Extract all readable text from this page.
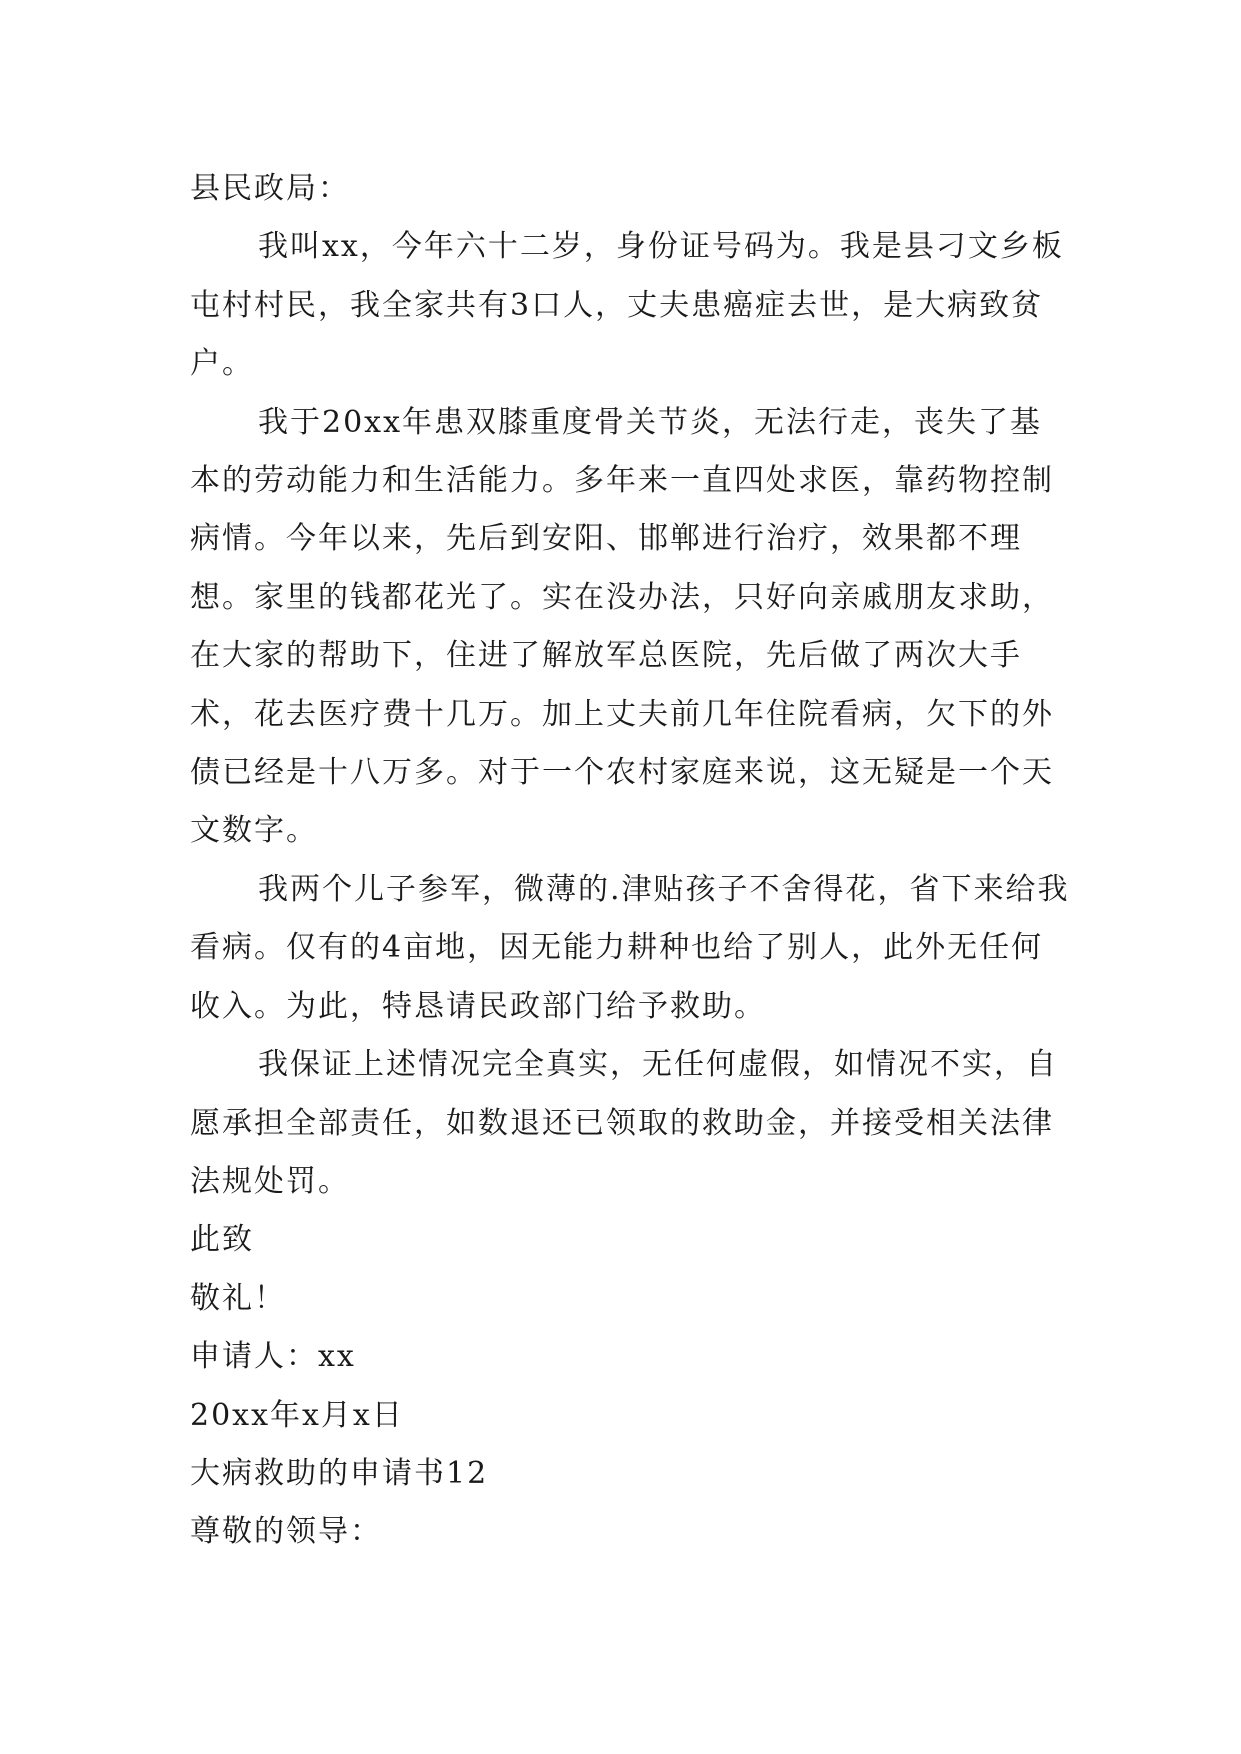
县民政局：

我叫xx，今年六十二岁，身份证号码为。我是县刁文乡板屯村村民，我全家共有3口人，丈夫患癌症去世，是大病致贫户。

我于20xx年患双膝重度骨关节炎，无法行走，丧失了基本的劳动能力和生活能力。多年来一直四处求医，靠药物控制病情。今年以来，先后到安阳、邯郸进行治疗，效果都不理想。家里的钱都花光了。实在没办法，只好向亲戚朋友求助，在大家的帮助下，住进了解放军总医院，先后做了两次大手术，花去医疗费十几万。加上丈夫前几年住院看病，欠下的外债已经是十八万多。对于一个农村家庭来说，这无疑是一个天文数字。

我两个儿子参军，微薄的.津贴孩子不舍得花，省下来给我看病。仅有的4亩地，因无能力耕种也给了别人，此外无任何收入。为此，特恳请民政部门给予救助。

我保证上述情况完全真实，无任何虚假，如情况不实，自愿承担全部责任，如数退还已领取的救助金，并接受相关法律法规处罚。

此致

敬礼！

申请人：xx

20xx年x月x日

大病救助的申请书12

尊敬的领导：
